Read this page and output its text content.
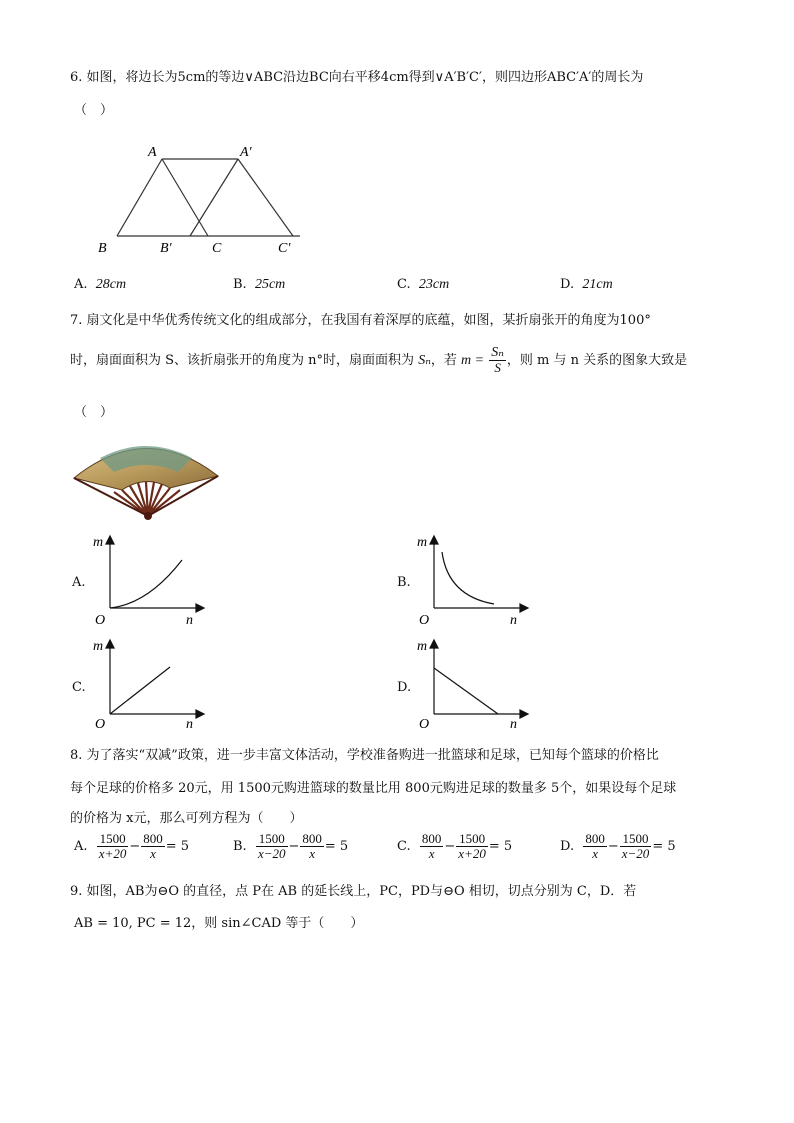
6. 如图，将边长为5cm的等边∨ABC沿边BC向右平移4cm得到∨A′B′C′，则四边形ABC′A′的周长为
（　）
A	A′
B	B′	C	C′
A. 28cm	B. 25cm	C. 23cm	D. 21cm
7. 扇文化是中华优秀传统文化的组成部分，在我国有着深厚的底蕴，如图，某折扇张开的角度为100°
时，扇面面积为 S、该折扇张开的角度为 n°时，扇面面积为 Sₙ，若 $m = \frac{\text{Sₙ}}{S}$ ，则 m 与 n 关系的图象大致是
（　）
A.
m
n
O
B.
m
n
O
C.
m
n
O
D.
m
n
O
8. 为了落实“双减”政策，进一步丰富文体活动，学校准备购进一批篮球和足球，已知每个篮球的价格比
每个足球的价格多 20元，用 1500元购进篮球的数量比用 800元购进足球的数量多 5个，如果设每个足球
的价格为 x元，那么可列方程为（　　）
A. $\frac{1500}{x+20} - \frac{800}{x} = 5$	B. $\frac{1500}{x-20} - \frac{800}{x} = 5$	C. $\frac{800}{x} - \frac{1500}{x+20} = 5$	D. $\frac{800}{x} - \frac{1500}{x-20} = 5$
9. 如图，AB为⊖O 的直径，点 P在 AB 的延长线上，PC，PD与⊖O 相切，切点分别为 C，D．若
AB = 10, PC = 12，则 sin∠CAD 等于（　　）
